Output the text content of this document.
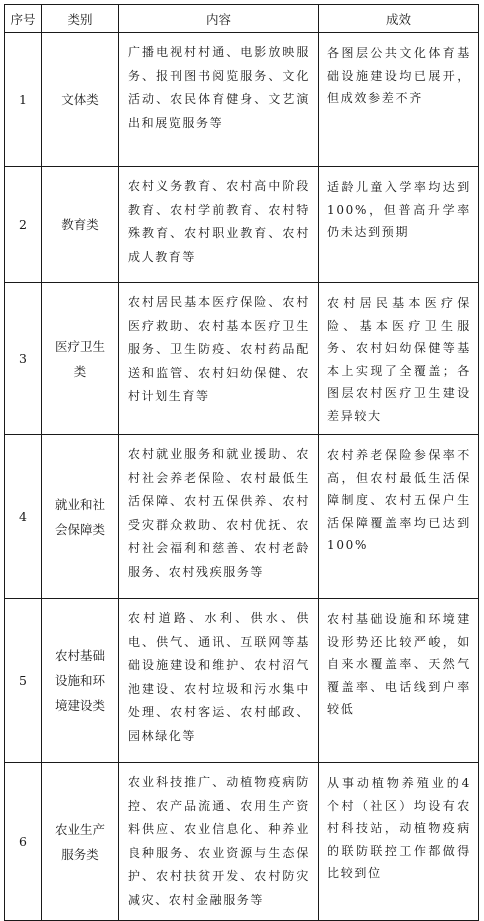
序号	类别	内容	成效
1	文体类	广播电视村村通、电影放映服务、报刊图书阅览服务、文化活动、农民体育健身、文艺演出和展览服务等	各图层公共文化体育基础设施建设均已展开，但成效参差不齐
2	教育类	农村义务教育、农村高中阶段教育、农村学前教育、农村特殊教育、农村职业教育、农村成人教育等	适龄儿童入学率均达到100%，但普高升学率仍未达到预期
3	医疗卫生类	农村居民基本医疗保险、农村医疗救助、农村基本医疗卫生服务、卫生防疫、农村药品配送和监管、农村妇幼保健、农村计划生育等	农村居民基本医疗保险、基本医疗卫生服务、农村妇幼保健等基本上实现了全覆盖；各图层农村医疗卫生建设差异较大
4	就业和社会保障类	农村就业服务和就业援助、农村社会养老保险、农村最低生活保障、农村五保供养、农村受灾群众救助、农村优抚、农村社会福利和慈善、农村老龄服务、农村残疾服务等	农村养老保险参保率不高，但农村最低生活保障制度、农村五保户生活保障覆盖率均已达到100%
5	农村基础设施和环境建设类	农村道路、水利、供水、供电、供气、通讯、互联网等基础设施建设和维护、农村沼气池建设、农村垃圾和污水集中处理、农村客运、农村邮政、园林绿化等	农村基础设施和环境建设形势还比较严峻，如自来水覆盖率、天然气覆盖率、电话线到户率较低
6	农业生产服务类	农业科技推广、动植物疫病防控、农产品流通、农用生产资料供应、农业信息化、种养业良种服务、农业资源与生态保护、农村扶贫开发、农村防灾减灾、农村金融服务等	从事动植物养殖业的4个村（社区）均设有农村科技站，动植物疫病的联防联控工作都做得比较到位
